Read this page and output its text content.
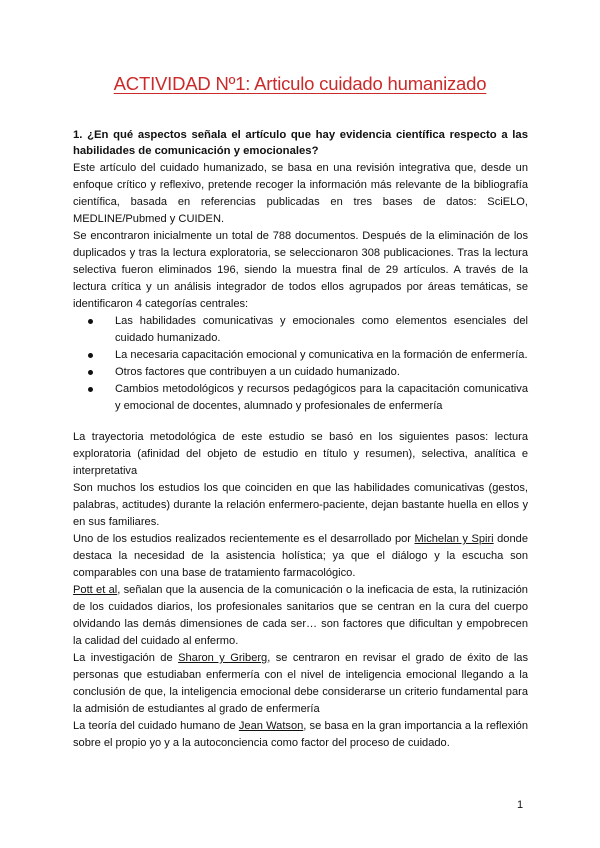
ACTIVIDAD Nº1: Articulo cuidado humanizado

1. ¿En qué aspectos señala el artículo que hay evidencia científica respecto a las habilidades de comunicación y emocionales?

Este artículo del cuidado humanizado, se basa en una revisión integrativa que, desde un enfoque crítico y reflexivo, pretende recoger la información más relevante de la bibliografía científica, basada en referencias publicadas en tres bases de datos: SciELO, MEDLINE/Pubmed y CUIDEN.

Se encontraron inicialmente un total de 788 documentos. Después de la eliminación de los duplicados y tras la lectura exploratoria, se seleccionaron 308 publicaciones. Tras la lectura selectiva fueron eliminados 196, siendo la muestra final de 29 artículos. A través de la lectura crítica y un análisis integrador de todos ellos agrupados por áreas temáticas, se identificaron 4 categorías centrales:

Las habilidades comunicativas y emocionales como elementos esenciales del cuidado humanizado.
La necesaria capacitación emocional y comunicativa en la formación de enfermería.
Otros factores que contribuyen a un cuidado humanizado.
Cambios metodológicos y recursos pedagógicos para la capacitación comunicativa y emocional de docentes, alumnado y profesionales de enfermería

La trayectoria metodológica de este estudio se basó en los siguientes pasos: lectura exploratoria (afinidad del objeto de estudio en título y resumen), selectiva, analítica e interpretativa

Son muchos los estudios los que coinciden en que las habilidades comunicativas (gestos, palabras, actitudes) durante la relación enfermero-paciente, dejan bastante huella en ellos y en sus familiares.

Uno de los estudios realizados recientemente es el desarrollado por Michelan y Spiri donde destaca la necesidad de la asistencia holística; ya que el diálogo y la escucha son comparables con una base de tratamiento farmacológico.

Pott et al, señalan que la ausencia de la comunicación o la ineficacia de esta, la rutinización de los cuidados diarios, los profesionales sanitarios que se centran en la cura del cuerpo olvidando las demás dimensiones de cada ser… son factores que dificultan y empobrecen la calidad del cuidado al enfermo.

La investigación de Sharon y Griberg, se centraron en revisar el grado de éxito de las personas que estudiaban enfermería con el nivel de inteligencia emocional llegando a la conclusión de que, la inteligencia emocional debe considerarse un criterio fundamental para la admisión de estudiantes al grado de enfermería

La teoría del cuidado humano de Jean Watson, se basa en la gran importancia a la reflexión sobre el propio yo y a la autoconciencia como factor del proceso de cuidado.

1
